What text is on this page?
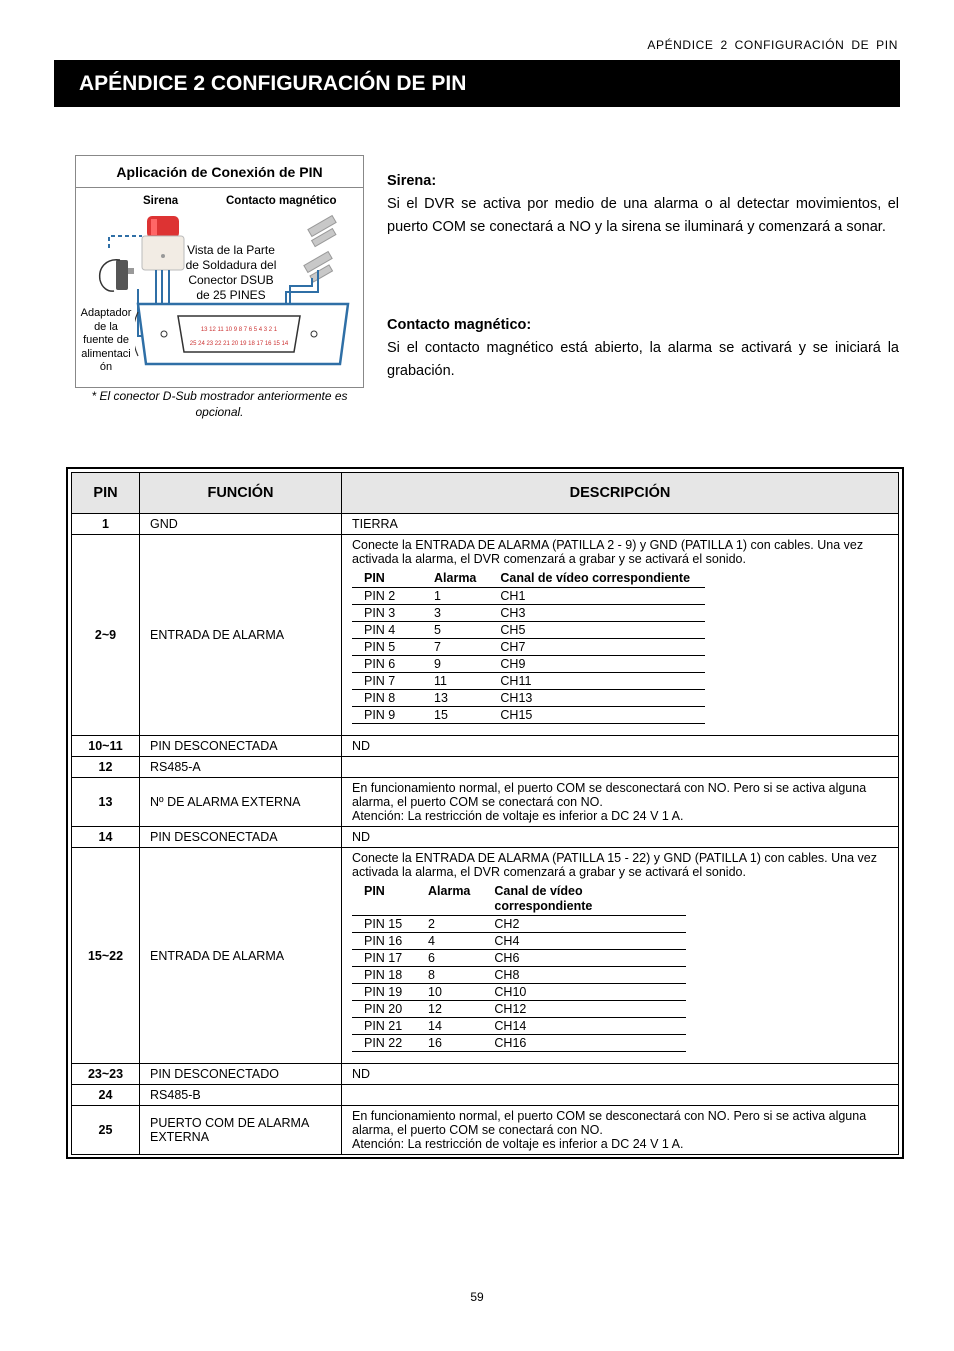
APÉNDICE 2 CONFIGURACIÓN DE PIN
APÉNDICE 2 CONFIGURACIÓN DE PIN
Aplicación de Conexión de PIN
13 12 11 10 9 8 7 6 5 4 3 2 1
25 24 23 22 21 20 19 18 17 16 15 14
Sirena	Contacto magnético
Vista de la Parte
de Soldadura del
Conector DSUB
de 25 PINES
Adaptador
de la
fuente de
alimentaci
ón
* El conector D-Sub mostrador anteriormente es opcional.
Sirena:

Si el DVR se activa por medio de una alarma o al detectar movimientos, el puerto COM se conectará a NO y la sirena se iluminará y comenzará a sonar.

Contacto magnético:

Si el contacto magnético está abierto, la alarma se activará y se iniciará la grabación.

PIN	FUNCIÓN	DESCRIPCIÓN
1	GND	TIERRA
2~9	ENTRADA DE ALARMA	
Conecte la ENTRADA DE ALARMA (PATILLA 2 - 9) y GND (PATILLA 1) con cables. Una vez activada la alarma, el DVR comenzará a grabar y se activará el sonido.
PIN	Alarma	Canal de vídeo correspondiente
PIN 2	1	CH1
PIN 3	3	CH3
PIN 4	5	CH5
PIN 5	7	CH7
PIN 6	9	CH9
PIN 7	11	CH11
PIN 8	13	CH13
PIN 9	15	CH15

10~11	PIN DESCONECTADA	ND
12	RS485-A	
13	Nº DE ALARMA EXTERNA	
En funcionamiento normal, el puerto COM se desconectará con NO. Pero si se activa alguna alarma, el puerto COM se conectará con NO.
Atención: La restricción de voltaje es inferior a DC 24 V 1 A.

14	PIN DESCONECTADA	ND
15~22	ENTRADA DE ALARMA	
Conecte la ENTRADA DE ALARMA (PATILLA 15 - 22) y GND (PATILLA 1) con cables. Una vez activada la alarma, el DVR comenzará a grabar y se activará el sonido.
PIN	Alarma	Canal de vídeo correspondiente
PIN 15	2	CH2
PIN 16	4	CH4
PIN 17	6	CH6
PIN 18	8	CH8
PIN 19	10	CH10
PIN 20	12	CH12
PIN 21	14	CH14
PIN 22	16	CH16

23~23	PIN DESCONECTADO	ND
24	RS485-B	
25	PUERTO COM DE ALARMA EXTERNA	
En funcionamiento normal, el puerto COM se desconectará con NO. Pero si se activa alguna alarma, el puerto COM se conectará con NO.
Atención: La restricción de voltaje es inferior a DC 24 V 1 A.
59
